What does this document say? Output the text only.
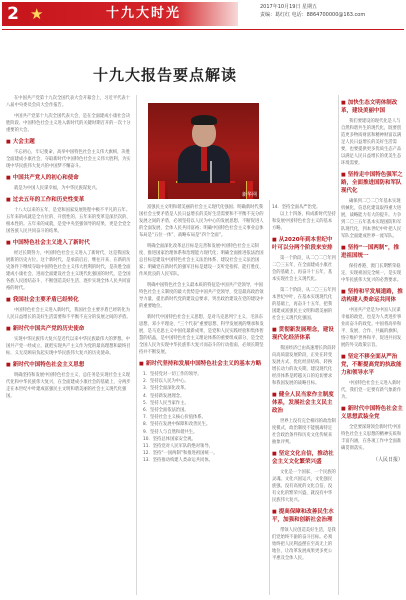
2 ★	十九大时光	2017年10月19日 星期五
责编：葛红红 电话：8864700000@163.com
十九大报告要点解读
新华网

在中国共产党第十九次全国代表大会开幕会上，习近平代表十八届中央委员会向大会作报告。

中国共产党第十九次全国代表大会，是在全面建成小康社会决胜阶段、中国特色社会主义进入新时代的关键时期召开的一次十分重要的大会。

■ 大会主题

不忘初心，牢记使命，高举中国特色社会主义伟大旗帜，决胜全面建成小康社会，夺取新时代中国特色社会主义伟大胜利，为实现中华民族伟大复兴的中国梦不懈奋斗。

■ 中国共产党人的初心和使命

就是为中国人民谋幸福，为中华民族谋复兴。

■ 过去五年的工作和历史性变革

十八大以来的五年，是党和国家发展进程中极不平凡的五年。五年来的成就是全方位的、开创性的，五年来的变革是深层次的、根本性的。五年来的成就，是党中央坚强领导的结果，更是全党全国各族人民共同奋斗的结果。

■ 中国特色社会主义进入了新时代

经过长期努力，中国特色社会主义进入了新时代，这是我国发展新的历史方位。这个新时代，是承前启后、继往开来、在新的历史条件下继续夺取中国特色社会主义伟大胜利的时代，是决胜全面建成小康社会、进而全面建设社会主义现代化强国的时代，是全国各族人民团结奋斗、不断创造美好生活、逐步实现全体人民共同富裕的时代。

■ 我国社会主要矛盾已经转化

中国特色社会主义进入新时代，我国社会主要矛盾已经转化为人民日益增长的美好生活需要和不平衡不充分的发展之间的矛盾。

■ 新时代中国共产党的历史使命

实现中华民族伟大复兴是近代以来中华民族最伟大的梦想。中国共产党一经成立，就把实现共产主义作为党的最高理想和最终目标，义无反顾肩负起实现中华民族伟大复兴的历史使命。

■ 新时代中国特色社会主义思想

明确坚持和发展中国特色社会主义，总任务是实现社会主义现代化和中华民族伟大复兴，在全面建成小康社会的基础上，分两步走在本世纪中叶建成富强民主文明和谐美丽的社会主义现代化强国。

富强民主文明和谐美丽的社会主义现代化强国；明确新时代我国社会主要矛盾是人民日益增长的美好生活需要和不平衡不充分的发展之间的矛盾，必须坚持以人民为中心的发展思想，不断促进人的全面发展、全体人民共同富裕；明确中国特色社会主义事业总体布局是“五位一体”、战略布局是“四个全面”。

明确全面深化改革总目标是完善和发展中国特色社会主义制度、推进国家治理体系和治理能力现代化；明确全面推进依法治国总目标是建设中国特色社会主义法治体系、建设社会主义法治国家；明确党在新时代的强军目标是建设一支听党指挥、能打胜仗、作风优良的人民军队。

明确中国特色社会主义最本质的特征是中国共产党领导，中国特色社会主义制度的最大优势是中国共产党领导，党是最高政治领导力量，提出新时代党的建设总要求，突出政治建设在党的建设中的重要地位。

新时代中国特色社会主义思想，是对马克思列宁主义、毛泽东思想、邓小平理论、“三个代表”重要思想、科学发展观的继承和发展，是马克思主义中国化最新成果，是党和人民实践经验和集体智慧的结晶，是中国特色社会主义理论体系的重要组成部分，是全党全国人民为实现中华民族伟大复兴而奋斗的行动指南，必须长期坚持并不断发展。

■ 新时代坚持和发展中国特色社会主义的基本方略
1．坚持党对一切工作的领导。
2．坚持以人民为中心。
3．坚持全面深化改革。
4．坚持新发展理念。
5．坚持人民当家作主。
6．坚持全面依法治国。
7．坚持社会主义核心价值体系。
8．坚持在发展中保障和改善民生。
9．坚持人与自然和谐共生。
10．坚持总体国家安全观。
11．坚持党对人民军队的绝对领导。
12．坚持“一国两制”和推进祖国统一。
13．坚持推动构建人类命运共同体。
14．坚持全面从严治党。

以上十四条，构成新时代坚持和发展中国特色社会主义的基本方略。

■ 从2020年到本世纪中叶可以分两个阶段来安排

第一个阶段，从二〇二〇年到二〇三五年，在全面建成小康社会的基础上，再奋斗十五年，基本实现社会主义现代化。

第二个阶段，从二〇三五年到本世纪中叶，在基本实现现代化的基础上，再奋斗十五年，把我国建成富强民主文明和谐美丽的社会主义现代化强国。

■ 贯彻新发展理念，建设现代化经济体系

我国经济已由高速增长阶段转向高质量发展阶段，正处在转变发展方式、优化经济结构、转换增长动力的攻关期，建设现代化经济体系是跨越关口的迫切要求和我国发展的战略目标。

■ 健全人民当家作主制度体系，发展社会主义民主政治

世界上没有完全相同的政治制度模式，政治制度不能脱离特定社会政治条件和历史文化传统来抽象评判。

■ 坚定文化自信，推动社会主义文化繁荣兴盛

文化是一个国家、一个民族的灵魂。文化兴国运兴，文化强民族强。没有高度的文化自信，没有文化的繁荣兴盛，就没有中华民族伟大复兴。

■ 提高保障和改善民生水平，加强和创新社会治理

带领人民创造美好生活，是我们党始终不渝的奋斗目标。必须始终把人民利益摆在至高无上的地位，让改革发展成果更多更公平惠及全体人民。

■ 加快生态文明体制改革，建设美丽中国

我们要建设的现代化是人与自然和谐共生的现代化，既要创造更多物质财富和精神财富以满足人民日益增长的美好生活需要，也要提供更多优质生态产品以满足人民日益增长的优美生态环境需要。

■ 坚持走中国特色强军之路，全面推进国防和军队现代化

确保到二〇二〇年基本实现机械化，信息化建设取得重大进展，战略能力有大的提升。力争到二〇三五年基本实现国防和军队现代化，到本世纪中叶把人民军队全面建成世界一流军队。

■ 坚持“一国两制”，推进祖国统一

保持香港、澳门长期繁荣稳定，实现祖国完全统一，是实现中华民族伟大复兴的必然要求。

■ 坚持和平发展道路，推动构建人类命运共同体

中国共产党是为中国人民谋幸福的政党，也是为人类进步事业而奋斗的政党。中国将高举和平、发展、合作、共赢的旗帜，恪守维护世界和平、促进共同发展的外交政策宗旨。

■ 坚定不移全面从严治党，不断提高党的执政能力和领导水平

中国特色社会主义进入新时代，我们党一定要有新气象新作为。

■ 新时代中国特色社会主义思想武装全党

全党要深刻领会新时代中国特色社会主义思想的精神实质和丰富内涵，在各项工作中全面准确贯彻落实。

（人民日报）
